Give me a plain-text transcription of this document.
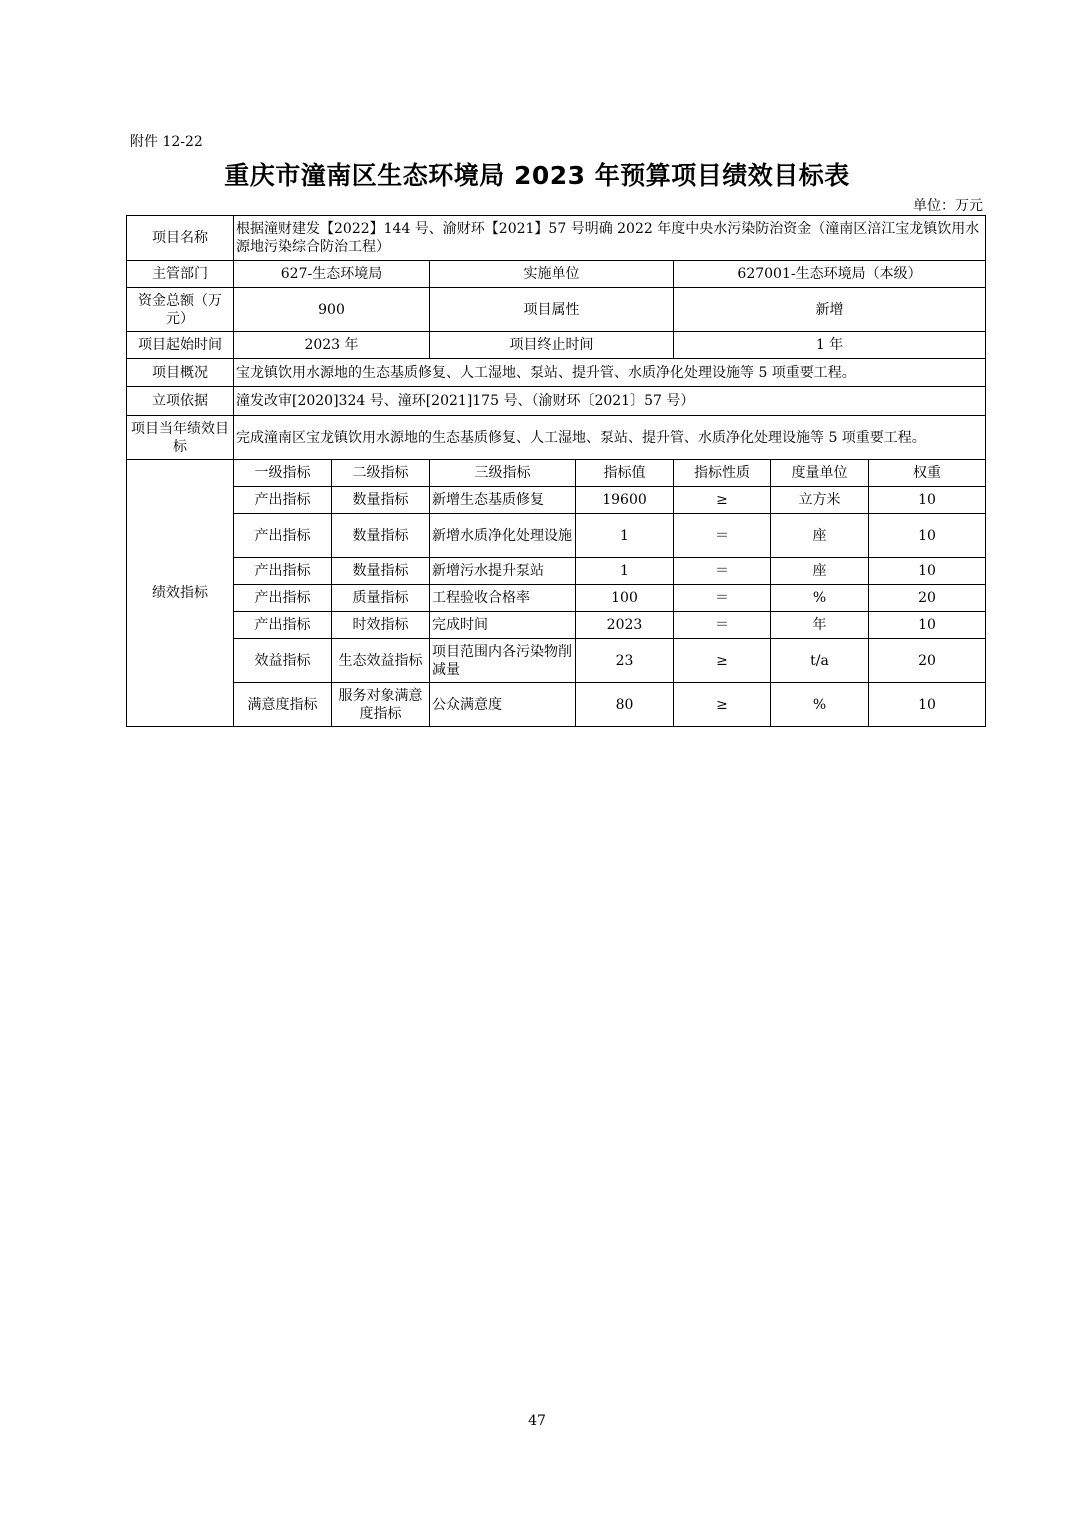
附件 12-22
重庆市潼南区生态环境局 2023 年预算项目绩效目标表
单位：万元
项目名称	根据潼财建发【2022】144 号、渝财环【2021】57 号明确 2022 年度中央水污染防治资金（潼南区涪江宝龙镇饮用水源地污染综合防治工程）						
主管部门	627-生态环境局		实施单位		627001-生态环境局（本级）		
资金总额（万元）	900		项目属性		新增		
项目起始时间	2023 年		项目终止时间		1 年		
项目概况	宝龙镇饮用水源地的生态基质修复、人工湿地、泵站、提升管、水质净化处理设施等 5 项重要工程。						
立项依据	潼发改审[2020]324 号、潼环[2021]175 号、（渝财环〔2021〕57 号）						
项目当年绩效目标	完成潼南区宝龙镇饮用水源地的生态基质修复、人工湿地、泵站、提升管、水质净化处理设施等 5 项重要工程。						
绩效指标	一级指标	二级指标	三级指标	指标值	指标性质	度量单位	权重
	产出指标	数量指标	新增生态基质修复	19600	≥	立方米	10
	产出指标	数量指标	新增水质净化处理设施	1	＝	座	10
	产出指标	数量指标	新增污水提升泵站	1	＝	座	10
	产出指标	质量指标	工程验收合格率	100	＝	%	20
	产出指标	时效指标	完成时间	2023	＝	年	10
	效益指标	生态效益指标	项目范围内各污染物削减量	23	≥	t/a	20
	满意度指标	服务对象满意度指标	公众满意度	80	≥	%	10
47
